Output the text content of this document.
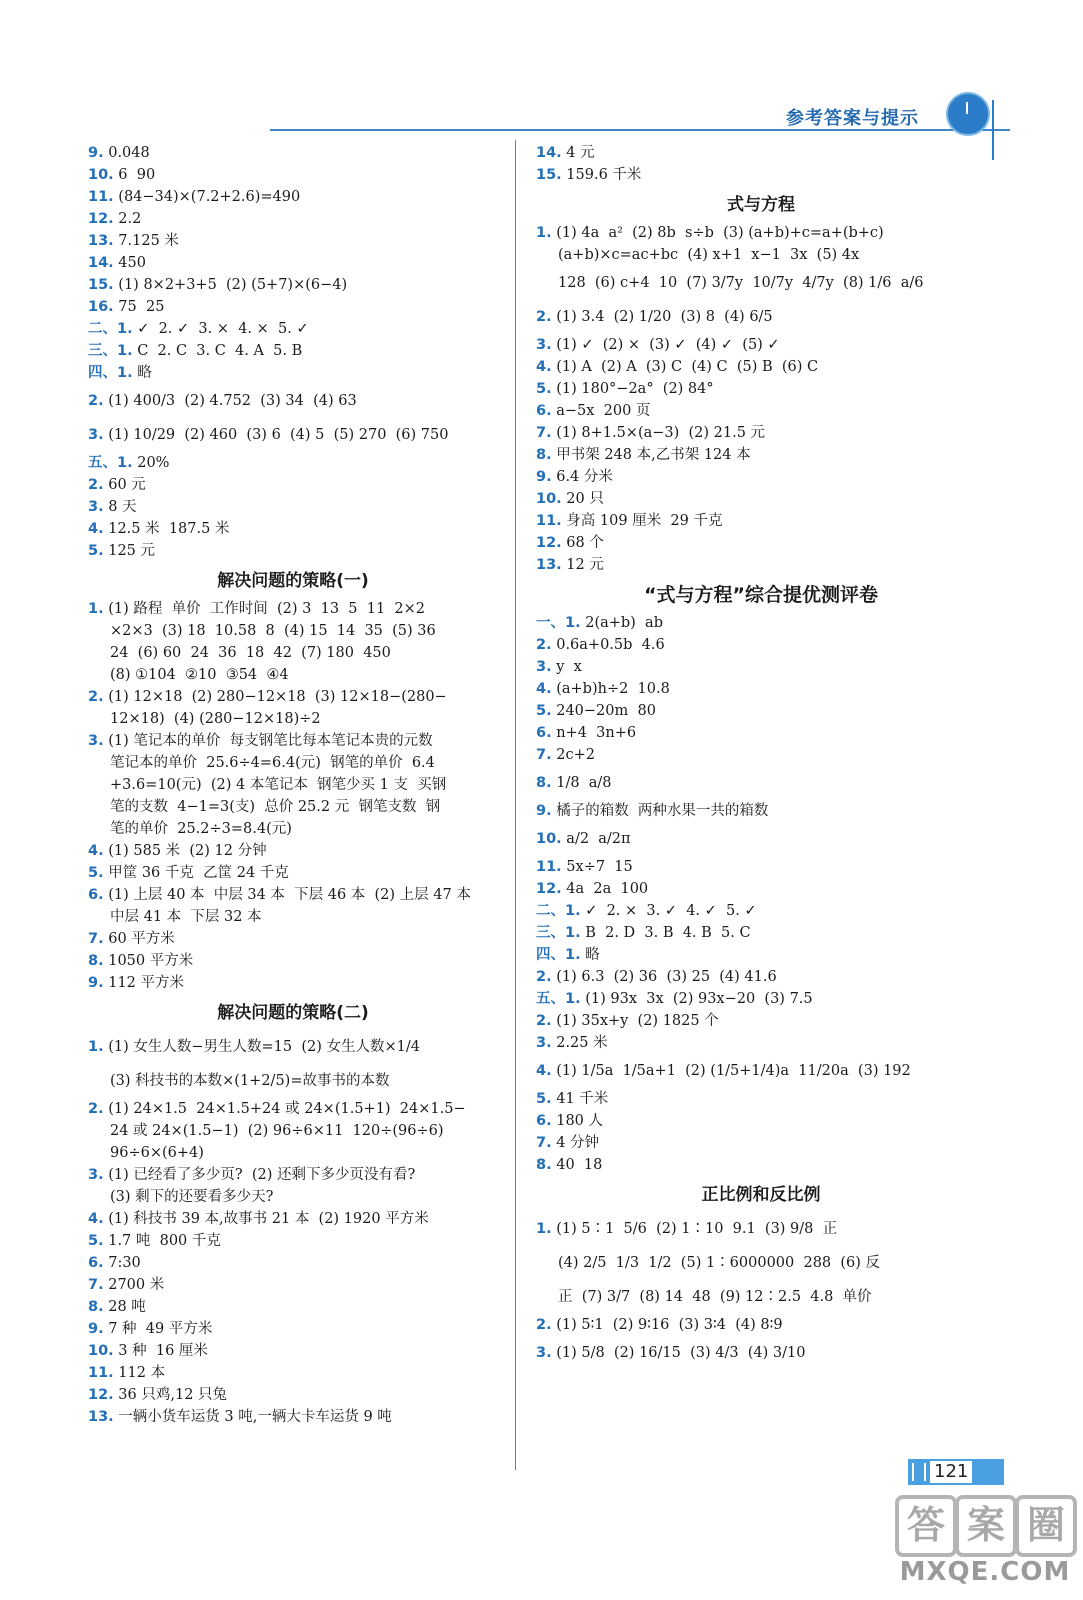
参考答案与提示
9. 0.048
10. 6  90
11. (84−34)×(7.2+2.6)=490
12. 2.2
13. 7.125 米
14. 450
15. (1) 8×2+3+5  (2) (5+7)×(6−4)
16. 75  25
二、1. ✓  2. ✓  3. ×  4. ×  5. ✓
三、1. C  2. C  3. C  4. A  5. B
四、1. 略
2. (1) 400/3  (2) 4.752  (3) 34  (4) 63
3. (1) 10/29  (2) 460  (3) 6  (4) 5  (5) 270  (6) 750
五、1. 20%
2. 60 元
3. 8 天
4. 12.5 米  187.5 米
5. 125 元
解决问题的策略(一)
1. (1) 路程  单价  工作时间  (2) 3  13  5  11  2×2
×2×3  (3) 18  10.58  8  (4) 15  14  35  (5) 36
24  (6) 60  24  36  18  42  (7) 180  450
(8) ①104  ②10  ③54  ④4
2. (1) 12×18  (2) 280−12×18  (3) 12×18−(280−
12×18)  (4) (280−12×18)÷2
3. (1) 笔记本的单价  每支钢笔比每本笔记本贵的元数
笔记本的单价  25.6÷4=6.4(元)  钢笔的单价  6.4
+3.6=10(元)  (2) 4 本笔记本  钢笔少买 1 支  买钢
笔的支数  4−1=3(支)  总价 25.2 元  钢笔支数  钢
笔的单价  25.2÷3=8.4(元)
4. (1) 585 米  (2) 12 分钟
5. 甲筐 36 千克  乙筐 24 千克
6. (1) 上层 40 本  中层 34 本  下层 46 本  (2) 上层 47 本
中层 41 本  下层 32 本
7. 60 平方米
8. 1050 平方米
9. 112 平方米
解决问题的策略(二)
1. (1) 女生人数−男生人数=15  (2) 女生人数×1/4
(3) 科技书的本数×(1+2/5)=故事书的本数
2. (1) 24×1.5  24×1.5+24 或 24×(1.5+1)  24×1.5−
24 或 24×(1.5−1)  (2) 96÷6×11  120÷(96÷6)
96÷6×(6+4)
3. (1) 已经看了多少页?  (2) 还剩下多少页没有看?
(3) 剩下的还要看多少天?
4. (1) 科技书 39 本,故事书 21 本  (2) 1920 平方米
5. 1.7 吨  800 千克
6. 7:30
7. 2700 米
8. 28 吨
9. 7 种  49 平方米
10. 3 种  16 厘米
11. 112 本
12. 36 只鸡,12 只兔
13. 一辆小货车运货 3 吨,一辆大卡车运货 9 吨
14. 4 元
15. 159.6 千米
式与方程
1. (1) 4a  a²  (2) 8b  s÷b  (3) (a+b)+c=a+(b+c)
(a+b)×c=ac+bc  (4) x+1  x−1  3x  (5) 4x
128  (6) c+4  10  (7) 3/7y  10/7y  4/7y  (8) 1/6  a/6
2. (1) 3.4  (2) 1/20  (3) 8  (4) 6/5
3. (1) ✓  (2) ×  (3) ✓  (4) ✓  (5) ✓
4. (1) A  (2) A  (3) C  (4) C  (5) B  (6) C
5. (1) 180°−2a°  (2) 84°
6. a−5x  200 页
7. (1) 8+1.5×(a−3)  (2) 21.5 元
8. 甲书架 248 本,乙书架 124 本
9. 6.4 分米
10. 20 只
11. 身高 109 厘米  29 千克
12. 68 个
13. 12 元
“式与方程”综合提优测评卷
一、1. 2(a+b)  ab
2. 0.6a+0.5b  4.6
3. y  x
4. (a+b)h÷2  10.8
5. 240−20m  80
6. n+4  3n+6
7. 2c+2
8. 1/8  a/8
9. 橘子的箱数  两种水果一共的箱数
10. a/2  a/2π
11. 5x÷7  15
12. 4a  2a  100
二、1. ✓  2. ×  3. ✓  4. ✓  5. ✓
三、1. B  2. D  3. B  4. B  5. C
四、1. 略
2. (1) 6.3  (2) 36  (3) 25  (4) 41.6
五、1. (1) 93x  3x  (2) 93x−20  (3) 7.5
2. (1) 35x+y  (2) 1825 个
3. 2.25 米
4. (1) 1/5a  1/5a+1  (2) (1/5+1/4)a  11/20a  (3) 192
5. 41 千米
6. 180 人
7. 4 分钟
8. 40  18
正比例和反比例
1. (1) 5∶1  5/6  (2) 1∶10  9.1  (3) 9/8  正
(4) 2/5  1/3  1/2  (5) 1∶6000000  288  (6) 反
正  (7) 3/7  (8) 14  48  (9) 12∶2.5  4.8  单价
2. (1) 5∶1  (2) 9∶16  (3) 3∶4  (4) 8∶9
3. (1) 5/8  (2) 16/15  (3) 4/3  (4) 3/10
121
答 案 圈
MXQE.COM
